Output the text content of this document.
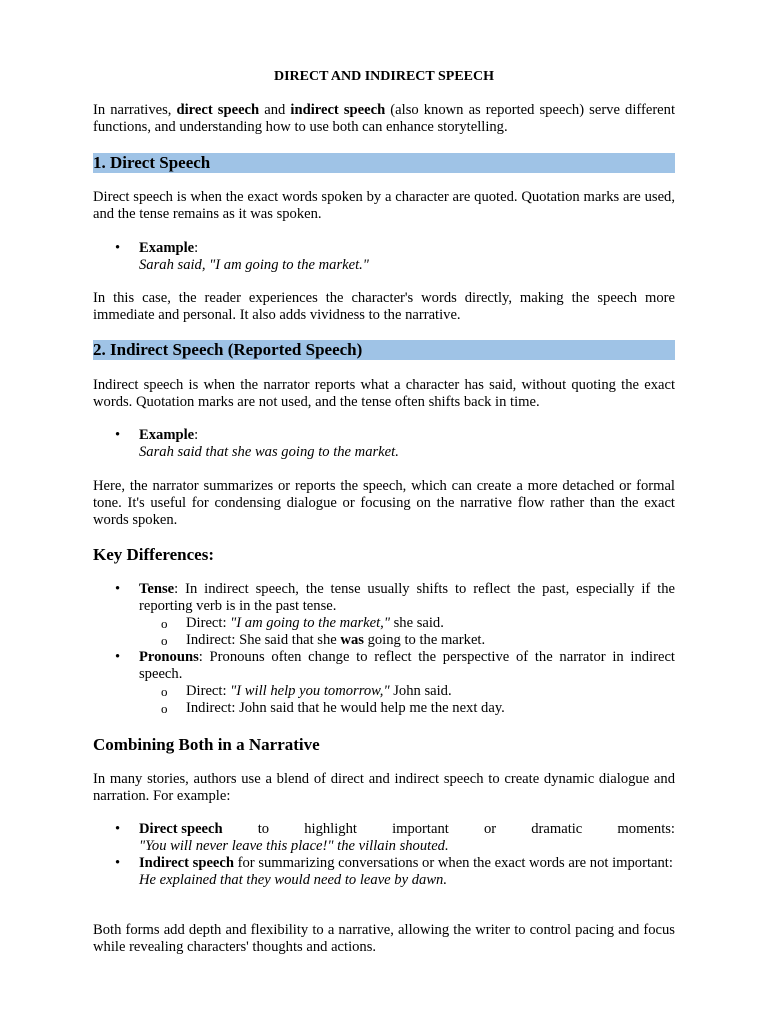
DIRECT AND INDIRECT SPEECH
In narratives, direct speech and indirect speech (also known as reported speech) serve different functions, and understanding how to use both can enhance storytelling.
1. Direct Speech
Direct speech is when the exact words spoken by a character are quoted. Quotation marks are used, and the tense remains as it was spoken.
• Example:
Sarah said, "I am going to the market."
In this case, the reader experiences the character's words directly, making the speech more immediate and personal. It also adds vividness to the narrative.
2. Indirect Speech (Reported Speech)
Indirect speech is when the narrator reports what a character has said, without quoting the exact words. Quotation marks are not used, and the tense often shifts back in time.
• Example:
Sarah said that she was going to the market.
Here, the narrator summarizes or reports the speech, which can create a more detached or formal tone. It's useful for condensing dialogue or focusing on the narrative flow rather than the exact words spoken.
Key Differences:
• Tense: In indirect speech, the tense usually shifts to reflect the past, especially if the reporting verb is in the past tense.
o Direct: "I am going to the market," she said.
o Indirect: She said that she was going to the market.
• Pronouns: Pronouns often change to reflect the perspective of the narrator in indirect speech.
o Direct: "I will help you tomorrow," John said.
o Indirect: John said that he would help me the next day.
Combining Both in a Narrative
In many stories, authors use a blend of direct and indirect speech to create dynamic dialogue and narration. For example:
• Direct speech to highlight important or dramatic moments:
"You will never leave this place!" the villain shouted.
• Indirect speech for summarizing conversations or when the exact words are not important:
He explained that they would need to leave by dawn.
Both forms add depth and flexibility to a narrative, allowing the writer to control pacing and focus while revealing characters' thoughts and actions.
